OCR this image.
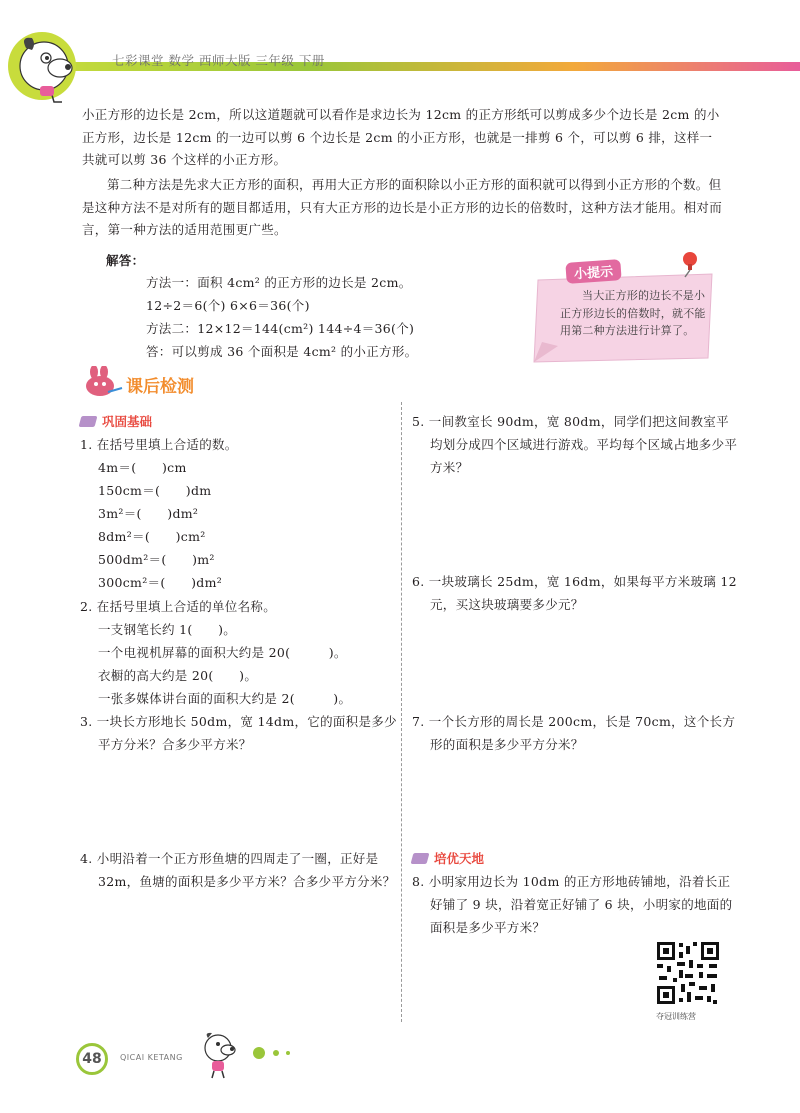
七彩课堂 数学 西师大版 三年级 下册

小正方形的边长是 2cm，所以这道题就可以看作是求边长为 12cm 的正方形纸可以剪成多少个边长是 2cm 的小正方形，边长是 12cm 的一边可以剪 6 个边长是 2cm 的小正方形，也就是一排剪 6 个，可以剪 6 排，这样一共就可以剪 36 个这样的小正方形。

第二种方法是先求大正方形的面积，再用大正方形的面积除以小正方形的面积就可以得到小正方形的个数。但是这种方法不是对所有的题目都适用，只有大正方形的边长是小正方形的边长的倍数时，这种方法才能用。相对而言，第一种方法的适用范围更广些。

解答：
方法一：面积 4cm² 的正方形的边长是 2cm。
12÷2＝6(个) 6×6＝36(个)
方法二：12×12＝144(cm²) 144÷4＝36(个)
答：可以剪成 36 个面积是 4cm² 的小正方形。
小提示

当大正方形的边长不是小正方形边长的倍数时，就不能用第二种方法进行计算了。

课后检测
巩固基础
1. 在括号里填上合适的数。
4m＝(　　)cm
150cm＝(　　)dm
3m²＝(　　)dm²
8dm²＝(　　)cm²
500dm²＝(　　)m²
300cm²＝(　　)dm²
2. 在括号里填上合适的单位名称。
一支钢笔长约 1(　　)。
一个电视机屏幕的面积大约是 20(　　　)。
衣橱的高大约是 20(　　)。
一张多媒体讲台面的面积大约是 2(　　　)。

3. 一块长方形地长 50dm，宽 14dm，它的面积是多少平方分米？合多少平方米？

4. 小明沿着一个正方形鱼塘的四周走了一圈，正好是 32m，鱼塘的面积是多少平方米？合多少平方分米？

5. 一间教室长 90dm，宽 80dm，同学们把这间教室平均划分成四个区域进行游戏。平均每个区域占地多少平方米？

6. 一块玻璃长 25dm，宽 16dm，如果每平方米玻璃 12 元，买这块玻璃要多少元？

7. 一个长方形的周长是 200cm，长是 70cm，这个长方形的面积是多少平方分米？

培优天地

8. 小明家用边长为 10dm 的正方形地砖铺地，沿着长正好铺了 9 块，沿着宽正好铺了 6 块，小明家的地面的面积是多少平方米？

夺冠训练营
48	QICAI KETANG
